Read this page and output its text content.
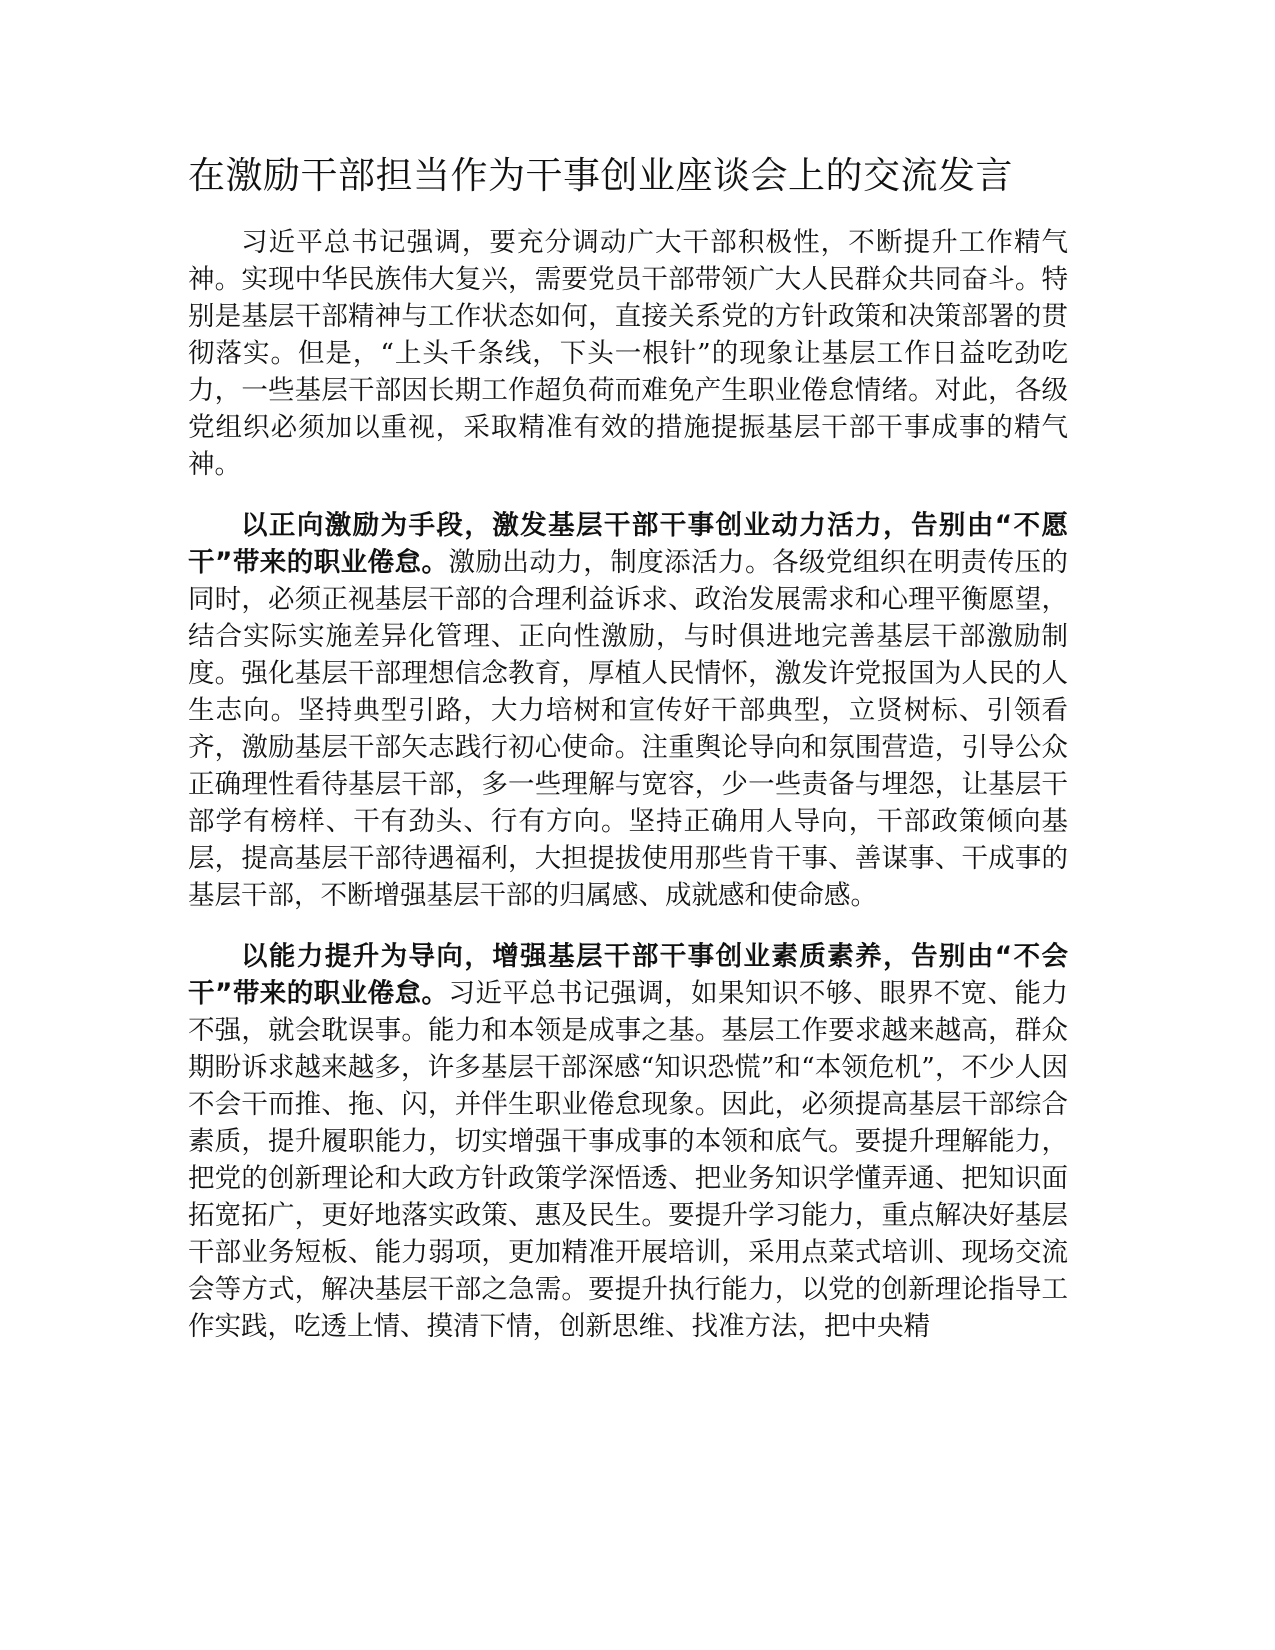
在激励干部担当作为干事创业座谈会上的交流发言

习近平总书记强调，要充分调动广大干部积极性，不断提升工作精气神。实现中华民族伟大复兴，需要党员干部带领广大人民群众共同奋斗。特别是基层干部精神与工作状态如何，直接关系党的方针政策和决策部署的贯彻落实。但是，“上头千条线，下头一根针”的现象让基层工作日益吃劲吃力，一些基层干部因长期工作超负荷而难免产生职业倦怠情绪。对此，各级党组织必须加以重视，采取精准有效的措施提振基层干部干事成事的精气神。

以正向激励为手段，激发基层干部干事创业动力活力，告别由“不愿干”带来的职业倦怠。激励出动力，制度添活力。各级党组织在明责传压的同时，必须正视基层干部的合理利益诉求、政治发展需求和心理平衡愿望，结合实际实施差异化管理、正向性激励，与时俱进地完善基层干部激励制度。强化基层干部理想信念教育，厚植人民情怀，激发许党报国为人民的人生志向。坚持典型引路，大力培树和宣传好干部典型，立贤树标、引领看齐，激励基层干部矢志践行初心使命。注重舆论导向和氛围营造，引导公众正确理性看待基层干部，多一些理解与宽容，少一些责备与埋怨，让基层干部学有榜样、干有劲头、行有方向。坚持正确用人导向，干部政策倾向基层，提高基层干部待遇福利，大担提拔使用那些肯干事、善谋事、干成事的基层干部，不断增强基层干部的归属感、成就感和使命感。

以能力提升为导向，增强基层干部干事创业素质素养，告别由“不会干”带来的职业倦怠。习近平总书记强调，如果知识不够、眼界不宽、能力不强，就会耽误事。能力和本领是成事之基。基层工作要求越来越高，群众期盼诉求越来越多，许多基层干部深感“知识恐慌”和“本领危机”，不少人因不会干而推、拖、闪，并伴生职业倦怠现象。因此，必须提高基层干部综合素质，提升履职能力，切实增强干事成事的本领和底气。要提升理解能力，把党的创新理论和大政方针政策学深悟透、把业务知识学懂弄通、把知识面拓宽拓广，更好地落实政策、惠及民生。要提升学习能力，重点解决好基层干部业务短板、能力弱项，更加精准开展培训，采用点菜式培训、现场交流会等方式，解决基层干部之急需。要提升执行能力，以党的创新理论指导工作实践，吃透上情、摸清下情，创新思维、找准方法，把中央精
